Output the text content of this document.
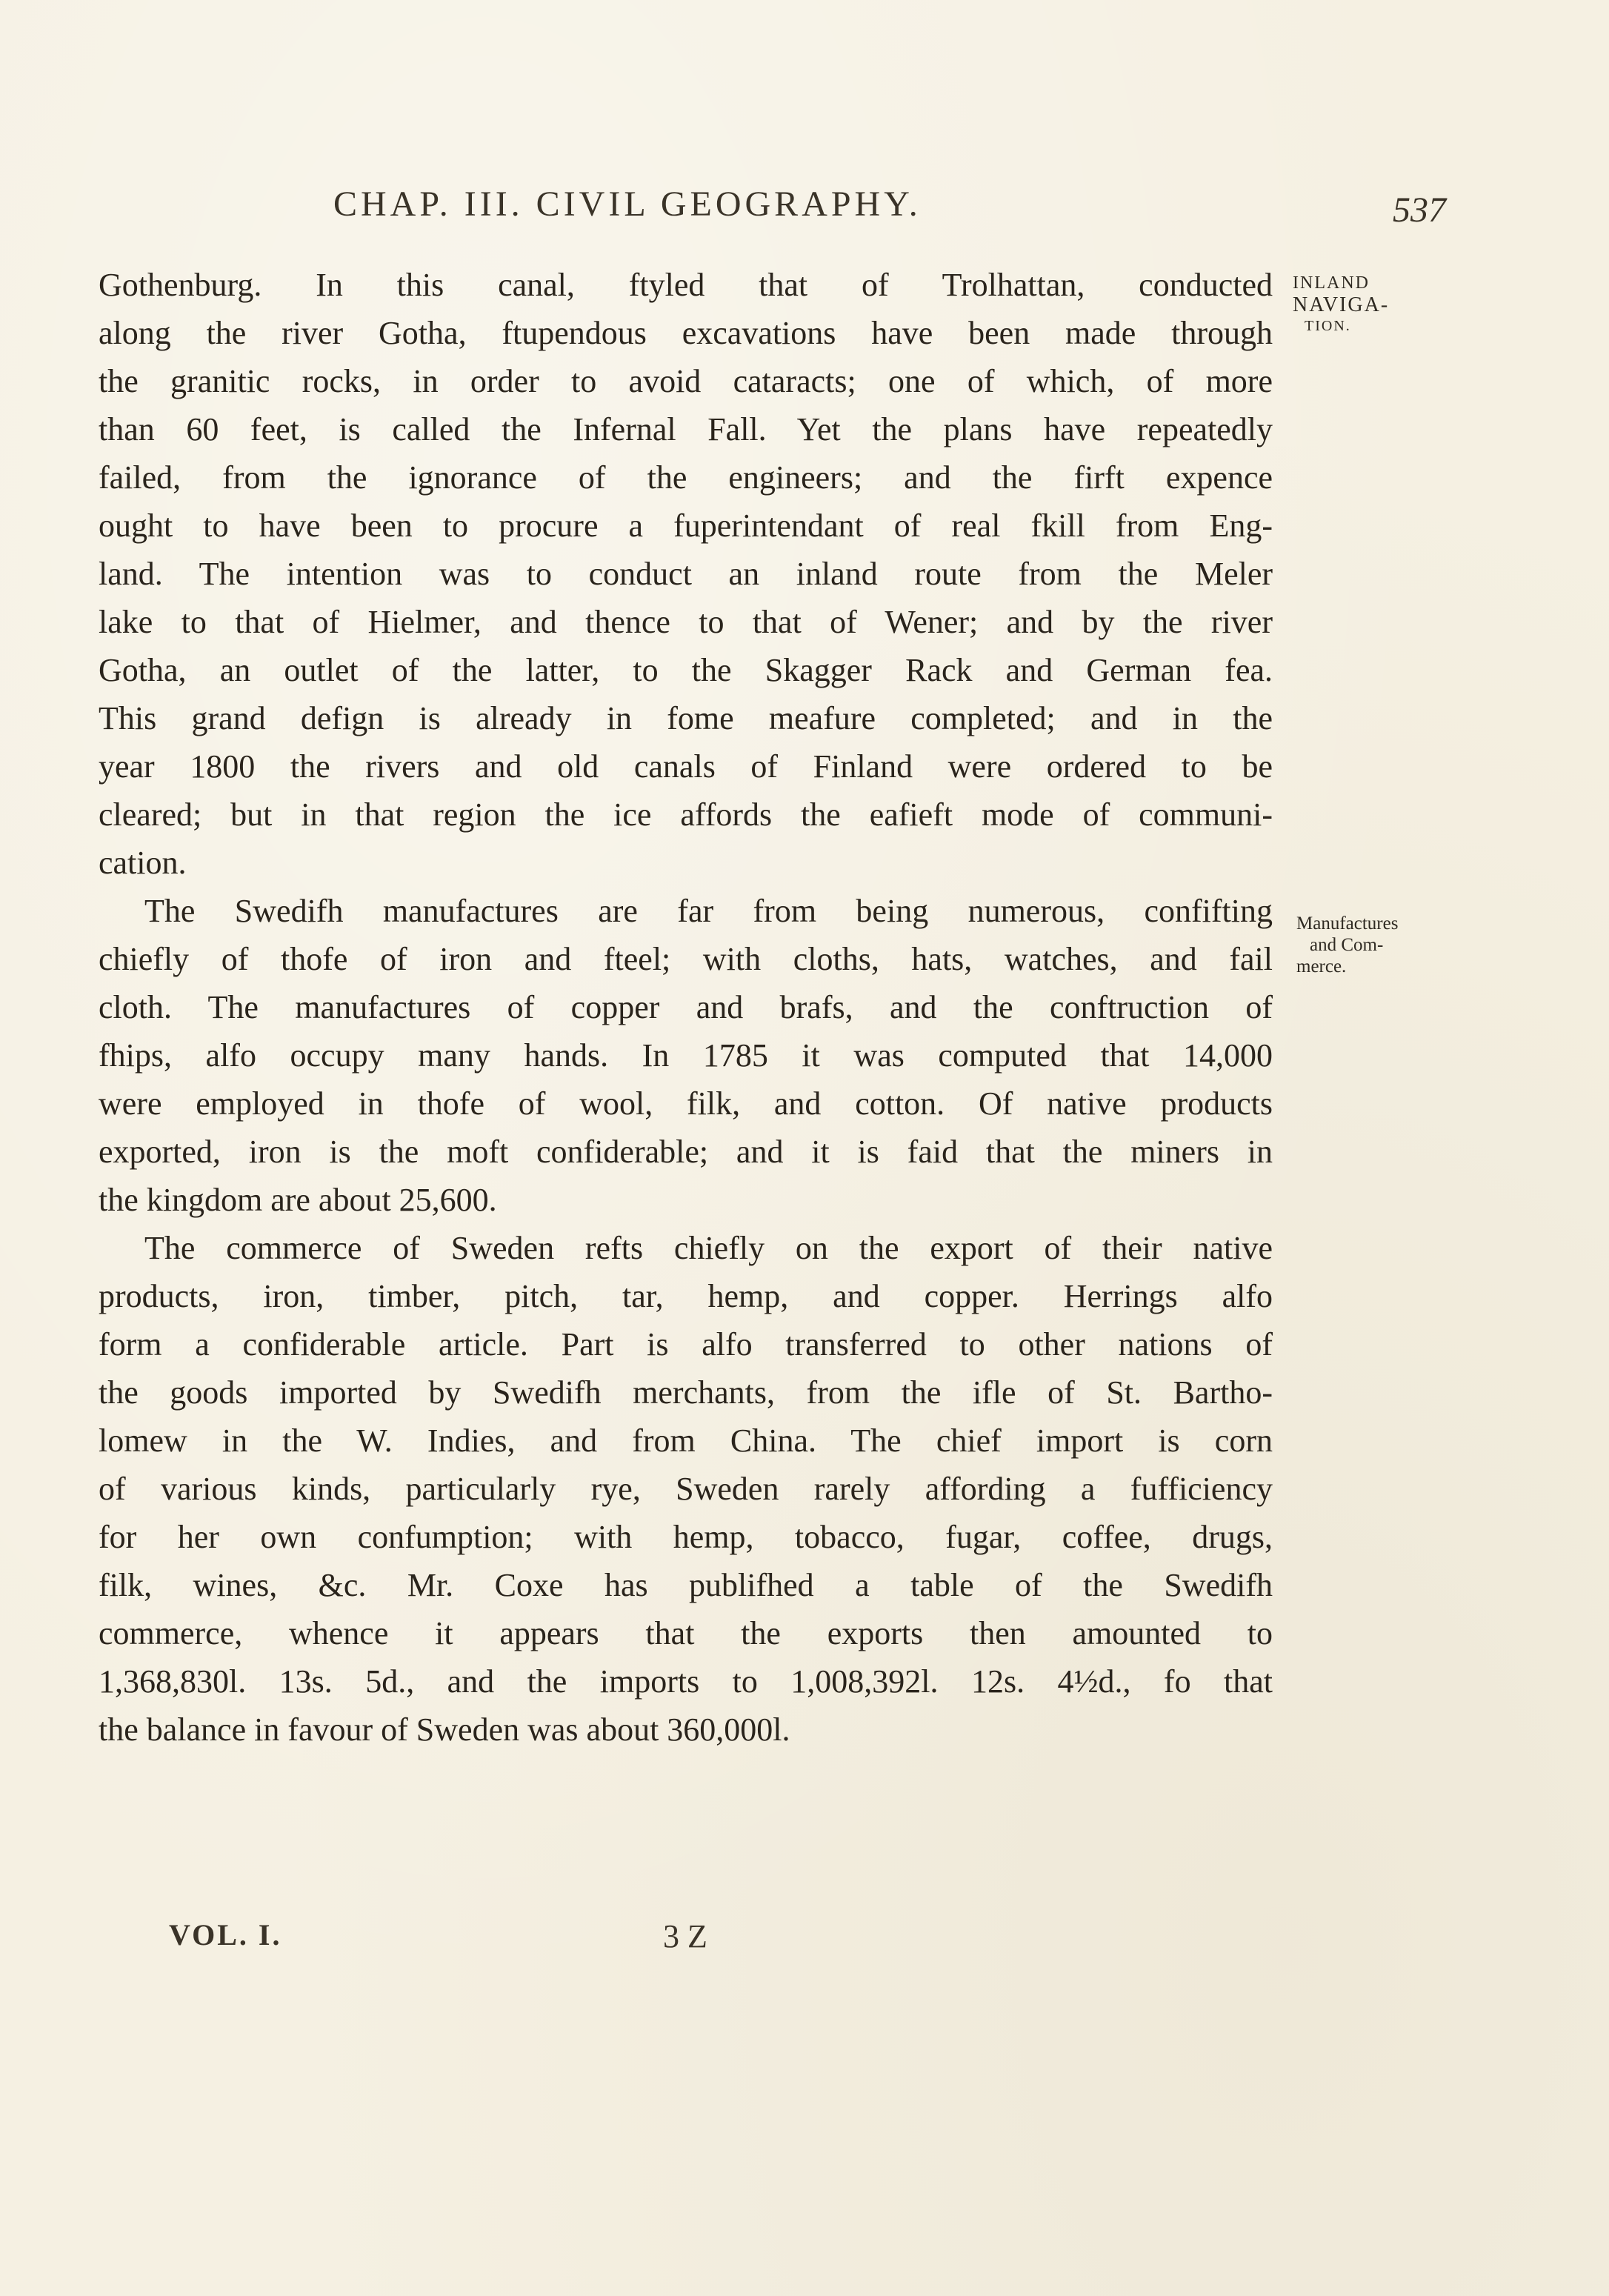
CHAP. III. CIVIL GEOGRAPHY.	537
Gothenburg. In this canal, ftyled that of Trolhattan, conducted
along the river Gotha, ftupendous excavations have been made through
the granitic rocks, in order to avoid cataracts; one of which, of more
than 60 feet, is called the Infernal Fall. Yet the plans have repeatedly
failed, from the ignorance of the engineers; and the firft expence
ought to have been to procure a fuperintendant of real fkill from Eng-
land. The intention was to conduct an inland route from the Meler
lake to that of Hielmer, and thence to that of Wener; and by the river
Gotha, an outlet of the latter, to the Skagger Rack and German fea.
This grand defign is already in fome meafure completed; and in the
year 1800 the rivers and old canals of Finland were ordered to be
cleared; but in that region the ice affords the eafieft mode of communi-
cation.
The Swedifh manufactures are far from being numerous, confifting
chiefly of thofe of iron and fteel; with cloths, hats, watches, and fail
cloth. The manufactures of copper and brafs, and the conftruction of
fhips, alfo occupy many hands. In 1785 it was computed that 14,000
were employed in thofe of wool, filk, and cotton. Of native products
exported, iron is the moft confiderable; and it is faid that the miners in
the kingdom are about 25,600.
The commerce of Sweden refts chiefly on the export of their native
products, iron, timber, pitch, tar, hemp, and copper. Herrings alfo
form a confiderable article. Part is alfo transferred to other nations of
the goods imported by Swedifh merchants, from the ifle of St. Bartho-
lomew in the W. Indies, and from China. The chief import is corn
of various kinds, particularly rye, Sweden rarely affording a fufficiency
for her own confumption; with hemp, tobacco, fugar, coffee, drugs,
filk, wines, &c. Mr. Coxe has publifhed a table of the Swedifh
commerce, whence it appears that the exports then amounted to
1,368,830l. 13s. 5d., and the imports to 1,008,392l. 12s. 4½d., fo that
the balance in favour of Sweden was about 360,000l.
INLAND
NAVIGA-
TION.
Manufactures
and Com-
merce.
VOL. I.	3 Z
